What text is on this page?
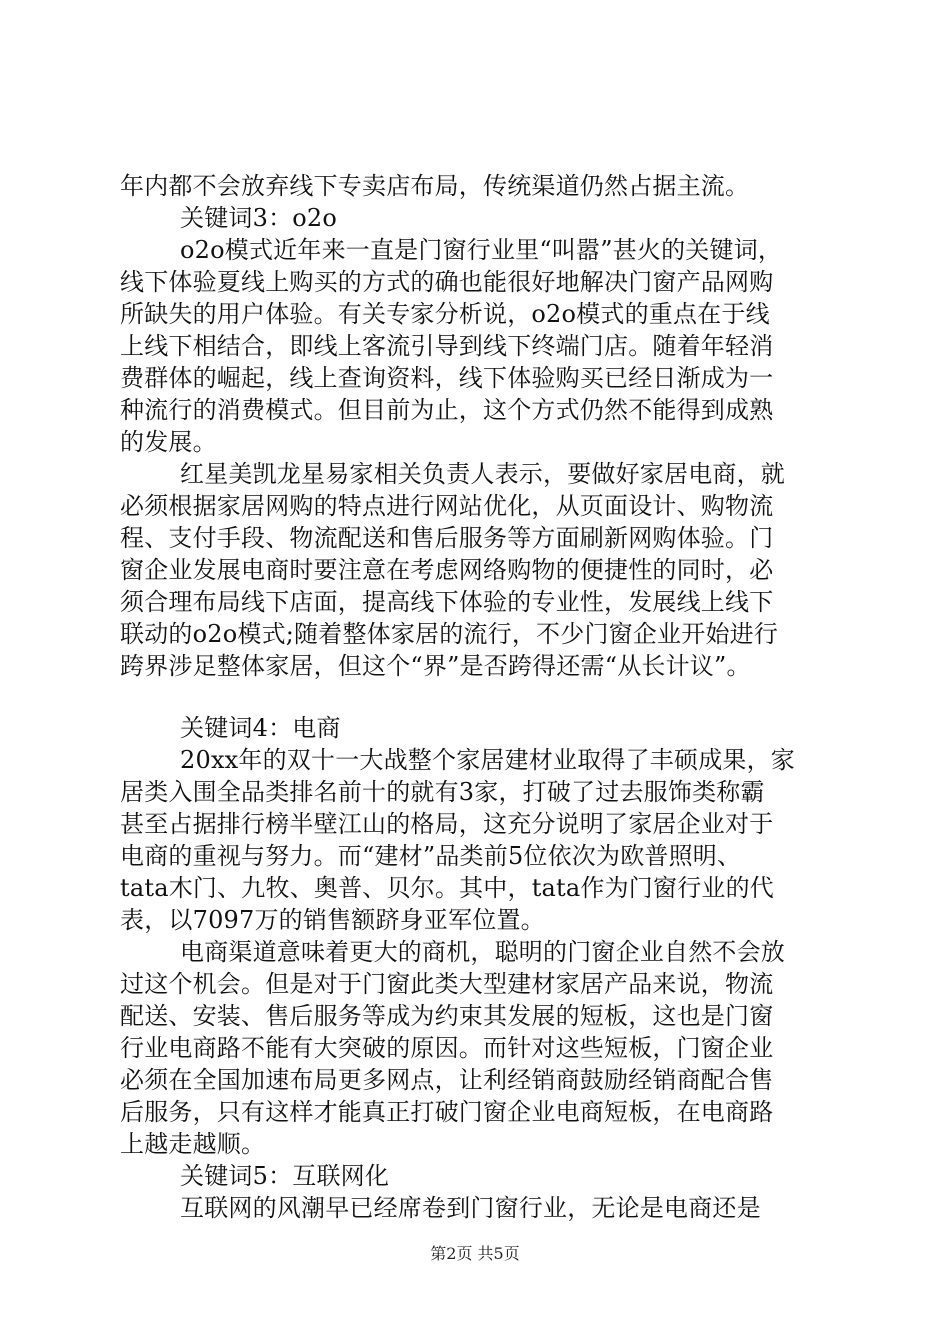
年内都不会放弃线下专卖店布局，传统渠道仍然占据主流。
关键词3：o2o
o2o模式近年来一直是门窗行业里“叫嚣”甚火的关键词，
线下体验夏线上购买的方式的确也能很好地解决门窗产品网购
所缺失的用户体验。有关专家分析说，o2o模式的重点在于线
上线下相结合，即线上客流引导到线下终端门店。随着年轻消
费群体的崛起，线上查询资料，线下体验购买已经日渐成为一
种流行的消费模式。但目前为止，这个方式仍然不能得到成熟
的发展。
红星美凯龙星易家相关负责人表示，要做好家居电商，就
必须根据家居网购的特点进行网站优化，从页面设计、购物流
程、支付手段、物流配送和售后服务等方面刷新网购体验。门
窗企业发展电商时要注意在考虑网络购物的便捷性的同时，必
须合理布局线下店面，提高线下体验的专业性，发展线上线下
联动的o2o模式;随着整体家居的流行，不少门窗企业开始进行
跨界涉足整体家居，但这个“界”是否跨得还需“从长计议”。
关键词4：电商
20xx年的双十一大战整个家居建材业取得了丰硕成果，家
居类入围全品类排名前十的就有3家，打破了过去服饰类称霸
甚至占据排行榜半壁江山的格局，这充分说明了家居企业对于
电商的重视与努力。而“建材”品类前5位依次为欧普照明、
tata木门、九牧、奥普、贝尔。其中，tata作为门窗行业的代
表，以7097万的销售额跻身亚军位置。
电商渠道意味着更大的商机，聪明的门窗企业自然不会放
过这个机会。但是对于门窗此类大型建材家居产品来说，物流
配送、安装、售后服务等成为约束其发展的短板，这也是门窗
行业电商路不能有大突破的原因。而针对这些短板，门窗企业
必须在全国加速布局更多网点，让利经销商鼓励经销商配合售
后服务，只有这样才能真正打破门窗企业电商短板，在电商路
上越走越顺。
关键词5：互联网化
互联网的风潮早已经席卷到门窗行业，无论是电商还是
第2页 共5页
